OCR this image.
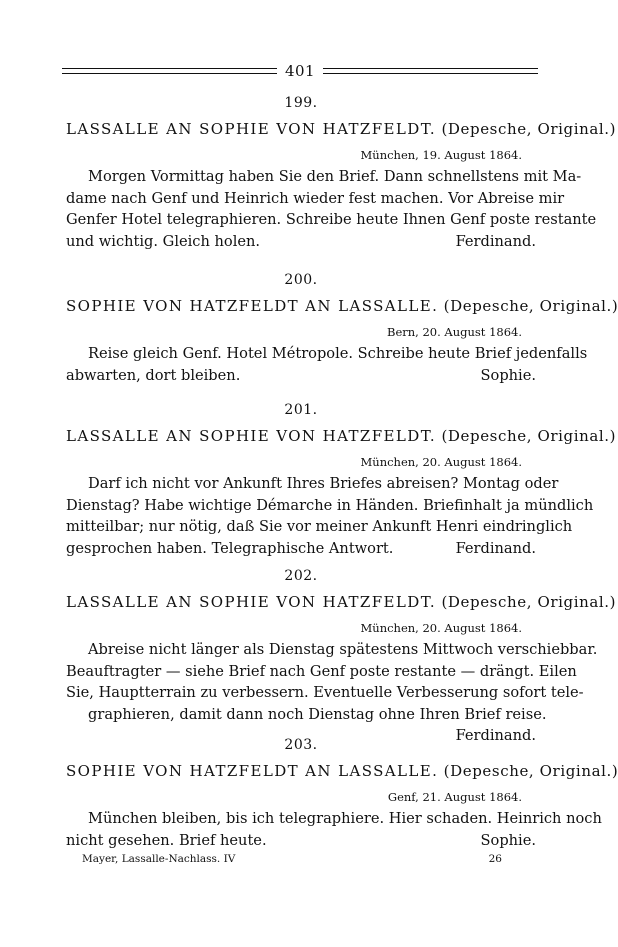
401
199.
LASSALLE AN SOPHIE VON HATZFELDT. (Depesche, Original.)
München, 19. August 1864.
Morgen Vormittag haben Sie den Brief. Dann schnellstens mit Ma-
dame nach Genf und Heinrich wieder fest machen. Vor Abreise mir
Genfer Hotel telegraphieren. Schreibe heute Ihnen Genf poste restante
und wichtig. Gleich holen.	Ferdinand.
200.
SOPHIE VON HATZFELDT AN LASSALLE. (Depesche, Original.)
Bern, 20. August 1864.
Reise gleich Genf. Hotel Métropole. Schreibe heute Brief jedenfalls
abwarten, dort bleiben.	Sophie.
201.
LASSALLE AN SOPHIE VON HATZFELDT. (Depesche, Original.)
München, 20. August 1864.
Darf ich nicht vor Ankunft Ihres Briefes abreisen? Montag oder
Dienstag? Habe wichtige Démarche in Händen. Briefinhalt ja mündlich
mitteilbar; nur nötig, daß Sie vor meiner Ankunft Henri eindringlich
gesprochen haben. Telegraphische Antwort.	Ferdinand.
202.
LASSALLE AN SOPHIE VON HATZFELDT. (Depesche, Original.)
München, 20. August 1864.
Abreise nicht länger als Dienstag spätestens Mittwoch verschiebbar.
Beauftragter — siehe Brief nach Genf poste restante — drängt. Eilen
Sie, Hauptterrain zu verbessern. Eventuelle Verbesserung sofort tele-
graphieren, damit dann noch Dienstag ohne Ihren Brief reise.
Ferdinand.
203.
SOPHIE VON HATZFELDT AN LASSALLE. (Depesche, Original.)
Genf, 21. August 1864.
München bleiben, bis ich telegraphiere. Hier schaden. Heinrich noch
nicht gesehen. Brief heute.	Sophie.
Mayer, Lassalle-Nachlass. IV	26
